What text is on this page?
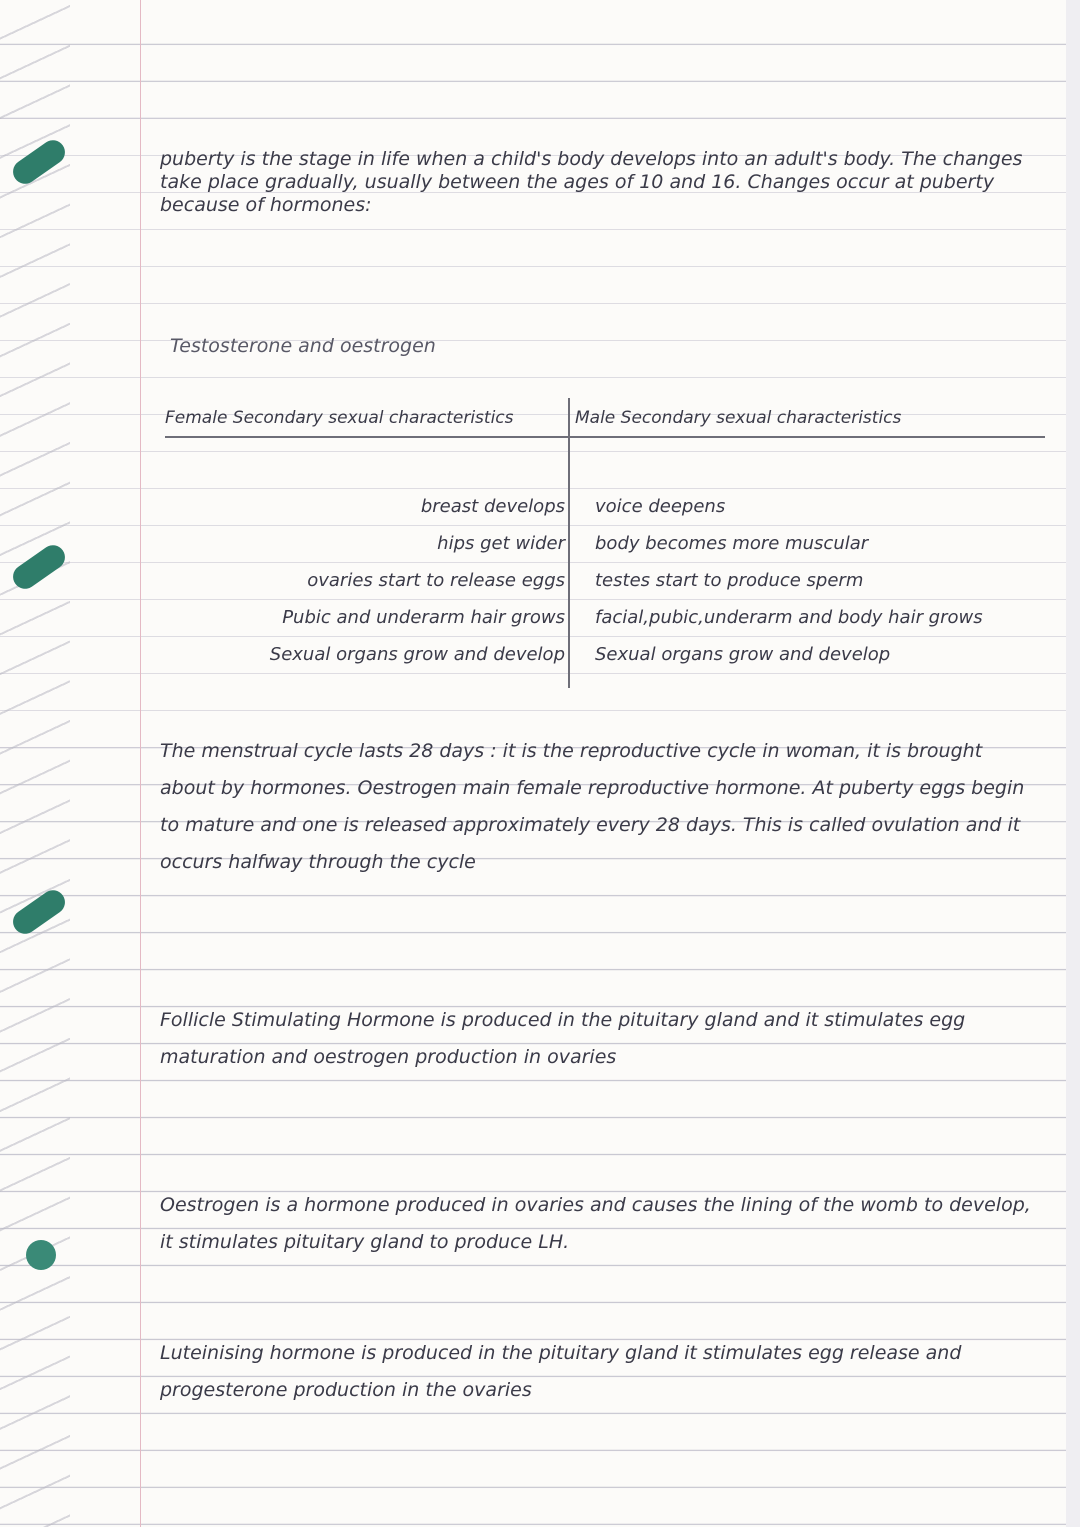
puberty is the stage in life when a child's body develops into an adult's body. The changes take place gradually, usually between the ages of 10 and 16. Changes occur at puberty because of hormones:
Testosterone and oestrogen
Female Secondary sexual characteristics	Male Secondary sexual characteristics
breast develops
hips get wider
ovaries start to release eggs
Pubic and underarm hair grows
Sexual organs grow and develop
voice deepens
body becomes more muscular
testes start to produce sperm
facial,pubic,underarm and body hair grows
Sexual organs grow and develop
The menstrual cycle lasts 28 days : it is the reproductive cycle in woman, it is brought about by hormones. Oestrogen main female reproductive hormone. At puberty eggs begin to mature and one is released approximately every 28 days. This is called ovulation and it occurs halfway through the cycle
Follicle Stimulating Hormone is produced in the pituitary gland and it stimulates egg maturation and oestrogen production in ovaries
Oestrogen is a hormone produced in ovaries and causes the lining of the womb to develop, it stimulates pituitary gland to produce LH.
Luteinising hormone is produced in the pituitary gland it stimulates egg release and progesterone production in the ovaries
